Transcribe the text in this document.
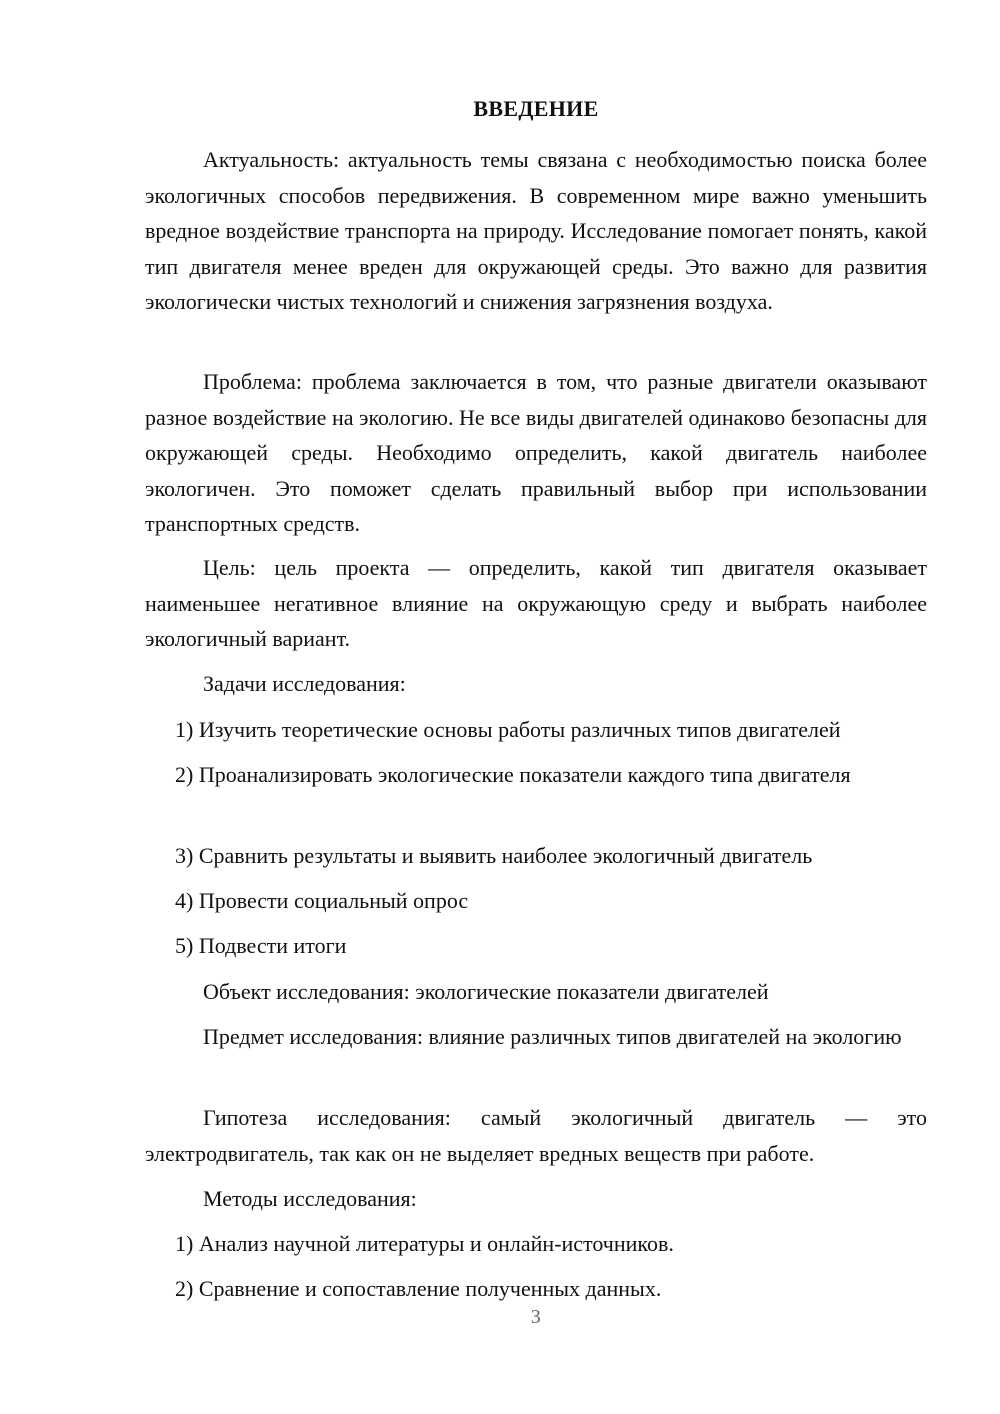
ВВЕДЕНИЕ

Актуальность: актуальность темы связана с необходимостью поиска более экологичных способов передвижения. В современном мире важно уменьшить вредное воздействие транспорта на природу. Исследование помогает понять, какой тип двигателя менее вреден для окружающей среды. Это важно для развития экологически чистых технологий и снижения загрязнения воздуха.

Проблема: проблема заключается в том, что разные двигатели оказывают разное воздействие на экологию. Не все виды двигателей одинаково безопасны для окружающей среды. Необходимо определить, какой двигатель наиболее экологичен. Это поможет сделать правильный выбор при использовании транспортных средств.

Цель: цель проекта — определить, какой тип двигателя оказывает наименьшее негативное влияние на окружающую среду и выбрать наиболее экологичный вариант.

Задачи исследования:

1) Изучить теоретические основы работы различных типов двигателей

2) Проанализировать экологические показатели каждого типа двигателя

3) Сравнить результаты и выявить наиболее экологичный двигатель

4) Провести социальный опрос

5) Подвести итоги

Объект исследования: экологические показатели двигателей

Предмет исследования: влияние различных типов двигателей на экологию

Гипотеза исследования: самый экологичный двигатель — это электродвигатель, так как он не выделяет вредных веществ при работе.

Методы исследования:

1) Анализ научной литературы и онлайн-источников.

2) Сравнение и сопоставление полученных данных.

3
